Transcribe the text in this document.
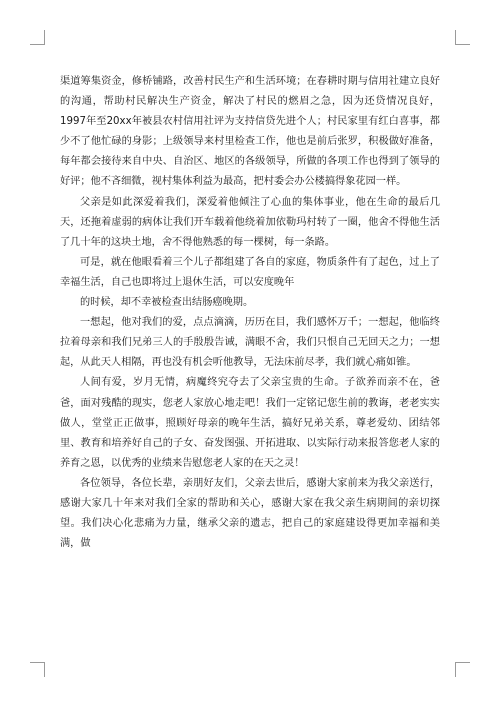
渠道筹集资金，修桥铺路，改善村民生产和生活环境；在春耕时期与信用社建立良好的沟通，帮助村民解决生产资金，解决了村民的燃眉之急，因为还贷情况良好，1997年至20xx年被县农村信用社评为支持信贷先进个人；村民家里有红白喜事，都少不了他忙碌的身影；上级领导来村里检查工作，他也是前后张罗，积极做好准备，每年都会接待来自中央、自治区、地区的各级领导，所做的各项工作也得到了领导的好评；他不吝细微，视村集体利益为最高，把村委会办公楼搞得象花园一样。

父亲是如此深爱着我们，深爱着他倾注了心血的集体事业，他在生命的最后几天，还拖着虚弱的病体让我们开车载着他绕着加依勒玛村转了一圈，他舍不得他生活了几十年的这块土地，舍不得他熟悉的每一棵树，每一条路。

可是，就在他眼看着三个儿子都组建了各自的家庭，物质条件有了起色，过上了幸福生活，自己也即将过上退休生活，可以安度晚年

的时候，却不幸被检查出结肠癌晚期。

一想起，他对我们的爱，点点滴滴，历历在目，我们感怀万千；一想起，他临终拉着母亲和我们兄弟三人的手殷殷告诫，满眼不舍，我们只恨自己无回天之力；一想起，从此天人相隔，再也没有机会听他教导，无法床前尽孝，我们就心痛如锥。

人间有爱，岁月无情，病魔终究夺去了父亲宝贵的生命。子欲养而亲不在，爸爸，面对残酷的现实，您老人家放心地走吧！我们一定铭记您生前的教诲，老老实实做人，堂堂正正做事，照顾好母亲的晚年生活，搞好兄弟关系，尊老爱幼、团结邻里、教育和培养好自己的子女、奋发图强、开拓进取、以实际行动来报答您老人家的养育之恩，以优秀的业绩来告慰您老人家的在天之灵！

各位领导，各位长辈，亲朋好友们，父亲去世后，感谢大家前来为我父亲送行，感谢大家几十年来对我们全家的帮助和关心，感谢大家在我父亲生病期间的亲切探望。我们决心化悲痛为力量，继承父亲的遗志，把自己的家庭建设得更加幸福和美满，做
